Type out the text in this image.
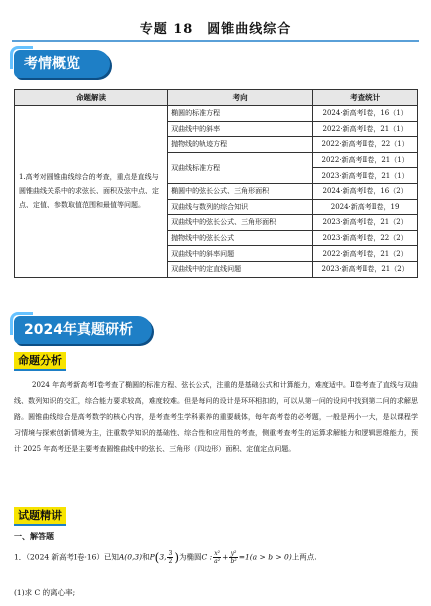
专题 18　圆锥曲线综合
考情概览
命题解读	考向	考查统计
1.高考对圆锥曲线综合的考查，重点是直线与圆锥曲线关系中的求弦长、面积及弦中点、定点、定值、参数取值范围和最值等问题。	椭圆的标准方程	2024·新高考Ⅰ卷，16（1）
	双曲线中的斜率	2022·新高考Ⅰ卷，21（1）
	抛物线的轨迹方程	2022·新高考Ⅱ卷，22（1）
	双曲线标准方程	2022·新高考Ⅱ卷，21（1）
		2023·新高考Ⅱ卷，21（1）
	椭圆中的弦长公式、三角形面积	2024·新高考Ⅰ卷，16（2）
	双曲线与数列的综合知识	2024·新高考Ⅱ卷，19
	双曲线中的弦长公式、三角形面积	2023·新高考Ⅰ卷，21（2）
	抛物线中的弦长公式	2023·新高考Ⅰ卷，22（2）
	双曲线中的斜率问题	2022·新高考Ⅰ卷，21（2）
	双曲线中的定直线问题	2023·新高考Ⅱ卷，21（2）
2024年真题研析
命题分析
2024 年高考新高考Ⅰ卷考查了椭圆的标准方程、弦长公式，注重的是基础公式和计算能力，难度适中。Ⅱ卷考查了直线与双曲线、数列知识的交汇，综合能力要求较高，难度较难。但是每问的设计是环环相扣的，可以从第一问的设问中找到第二问的求解思路。圆锥曲线综合是高考数学的核心内容，是考查考生学科素养的重要载体，每年高考卷的必考题，一般是两小一大，是以课程学习情境与探索创新情境为主，注重数学知识的基础性、综合性和应用性的考查，侧重考查考生的运算求解能力和逻辑思维能力，预计 2025 年高考还是主要考查圆锥曲线中的弦长、三角形（四边形）面积、定值定点问题。
试题精讲
一、解答题
1．（2024 新高考Ⅰ卷·16）已知A(0,3)和P(3, $\frac{3}{2}$ )为椭圆C : $\frac{\text{x²}}{\text{a²}} + \frac{\text{y²}}{\text{b²}} =1(a > b > 0)$上两点.
(1)求 C 的离心率;
